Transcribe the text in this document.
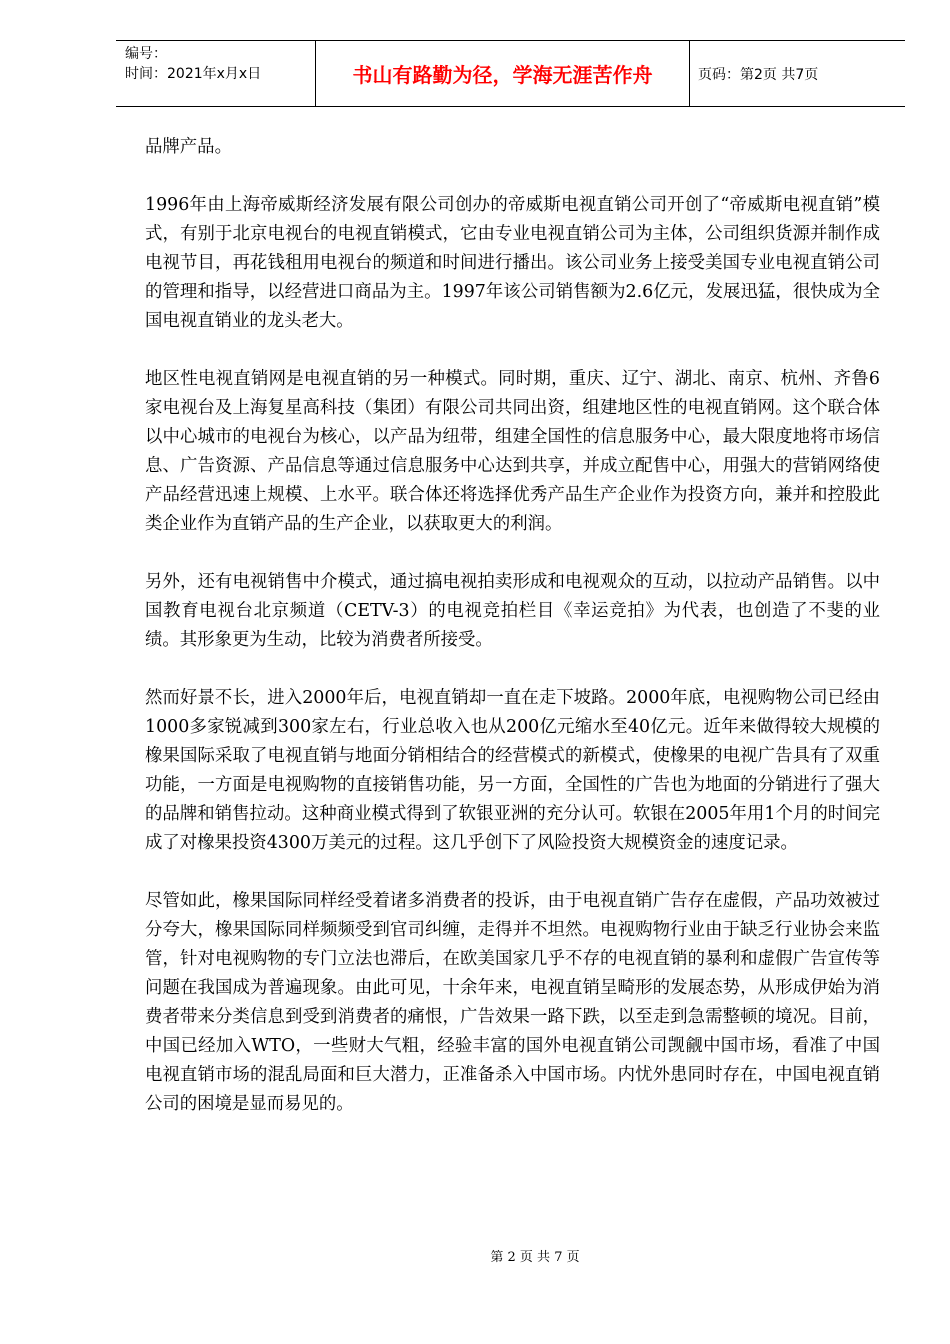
编号：
时间：2021年x月x日	书山有路勤为径，学海无涯苦作舟	页码：第2页 共7页

品牌产品。

1996年由上海帝威斯经济发展有限公司创办的帝威斯电视直销公司开创了“帝威斯电视直销”模式，有别于北京电视台的电视直销模式，它由专业电视直销公司为主体，公司组织货源并制作成电视节目，再花钱租用电视台的频道和时间进行播出。该公司业务上接受美国专业电视直销公司的管理和指导，以经营进口商品为主。1997年该公司销售额为2.6亿元，发展迅猛，很快成为全国电视直销业的龙头老大。

地区性电视直销网是电视直销的另一种模式。同时期，重庆、辽宁、湖北、南京、杭州、齐鲁6家电视台及上海复星高科技（集团）有限公司共同出资，组建地区性的电视直销网。这个联合体以中心城市的电视台为核心，以产品为纽带，组建全国性的信息服务中心，最大限度地将市场信息、广告资源、产品信息等通过信息服务中心达到共享，并成立配售中心，用强大的营销网络使产品经营迅速上规模、上水平。联合体还将选择优秀产品生产企业作为投资方向，兼并和控股此类企业作为直销产品的生产企业，以获取更大的利润。

另外，还有电视销售中介模式，通过搞电视拍卖形成和电视观众的互动，以拉动产品销售。以中国教育电视台北京频道（CETV-3）的电视竞拍栏目《幸运竞拍》为代表，也创造了不斐的业绩。其形象更为生动，比较为消费者所接受。

然而好景不长，进入2000年后，电视直销却一直在走下坡路。2000年底，电视购物公司已经由1000多家锐减到300家左右，行业总收入也从200亿元缩水至40亿元。近年来做得较大规模的橡果国际采取了电视直销与地面分销相结合的经营模式的新模式，使橡果的电视广告具有了双重功能，一方面是电视购物的直接销售功能，另一方面，全国性的广告也为地面的分销进行了强大的品牌和销售拉动。这种商业模式得到了软银亚洲的充分认可。软银在2005年用1个月的时间完成了对橡果投资4300万美元的过程。这几乎创下了风险投资大规模资金的速度记录。

尽管如此，橡果国际同样经受着诸多消费者的投诉，由于电视直销广告存在虚假，产品功效被过分夸大，橡果国际同样频频受到官司纠缠，走得并不坦然。电视购物行业由于缺乏行业协会来监管，针对电视购物的专门立法也滞后，在欧美国家几乎不存的电视直销的暴利和虚假广告宣传等问题在我国成为普遍现象。由此可见，十余年来，电视直销呈畸形的发展态势，从形成伊始为消费者带来分类信息到受到消费者的痛恨，广告效果一路下跌，以至走到急需整顿的境况。目前，中国已经加入WTO，一些财大气粗，经验丰富的国外电视直销公司觊觎中国市场，看准了中国电视直销市场的混乱局面和巨大潜力，正准备杀入中国市场。内忧外患同时存在，中国电视直销公司的困境是显而易见的。

第 2 页 共 7 页
